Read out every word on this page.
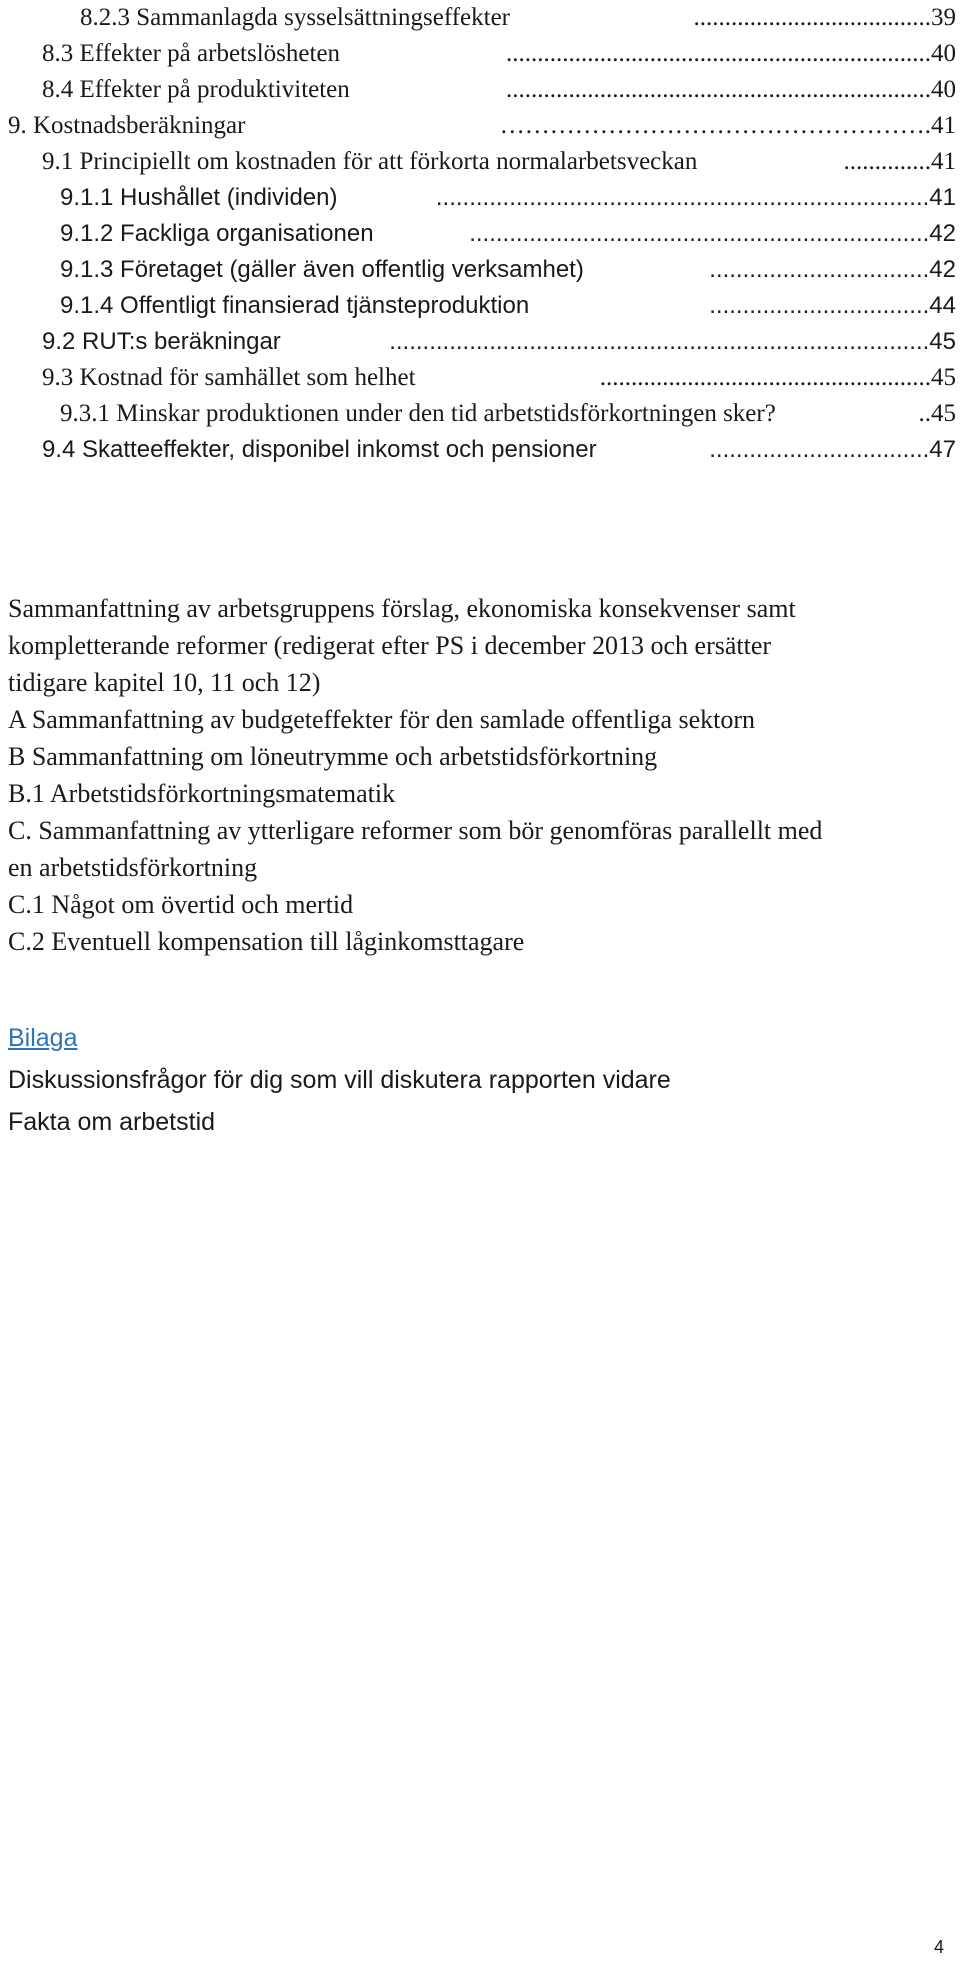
8.2.3 Sammanlagda sysselsättningseffekter	......................................39
8.3 Effekter på arbetslösheten	....................................................................40
8.4 Effekter på produktiviteten	....................................................................40
9. Kostnadsberäkningar	…………………………………………….41
9.1 Principiellt om kostnaden för att förkorta normalarbetsveckan	..............41
9.1.1 Hushållet (individen)	..........................................................................41
9.1.2 Fackliga organisationen	.....................................................................42
9.1.3 Företaget (gäller även offentlig verksamhet)	.................................42
9.1.4 Offentligt finansierad tjänsteproduktion	.................................44
9.2 RUT:s beräkningar	.................................................................................45
9.3 Kostnad för samhället som helhet	.....................................................45
9.3.1 Minskar produktionen under den tid arbetstidsförkortningen sker?	..45
9.4 Skatteeffekter, disponibel inkomst och pensioner	.................................47
Sammanfattning av arbetsgruppens förslag, ekonomiska konsekvenser samt
kompletterande reformer (redigerat efter PS i december 2013 och ersätter
tidigare kapitel 10, 11 och 12)
A Sammanfattning av budgeteffekter för den samlade offentliga sektorn
B Sammanfattning om löneutrymme och arbetstidsförkortning
B.1 Arbetstidsförkortningsmatematik
C. Sammanfattning av ytterligare reformer som bör genomföras parallellt med
en arbetstidsförkortning
C.1 Något om övertid och mertid
C.2 Eventuell kompensation till låginkomsttagare
Bilaga
Diskussionsfrågor för dig som vill diskutera rapporten vidare
Fakta om arbetstid
4
